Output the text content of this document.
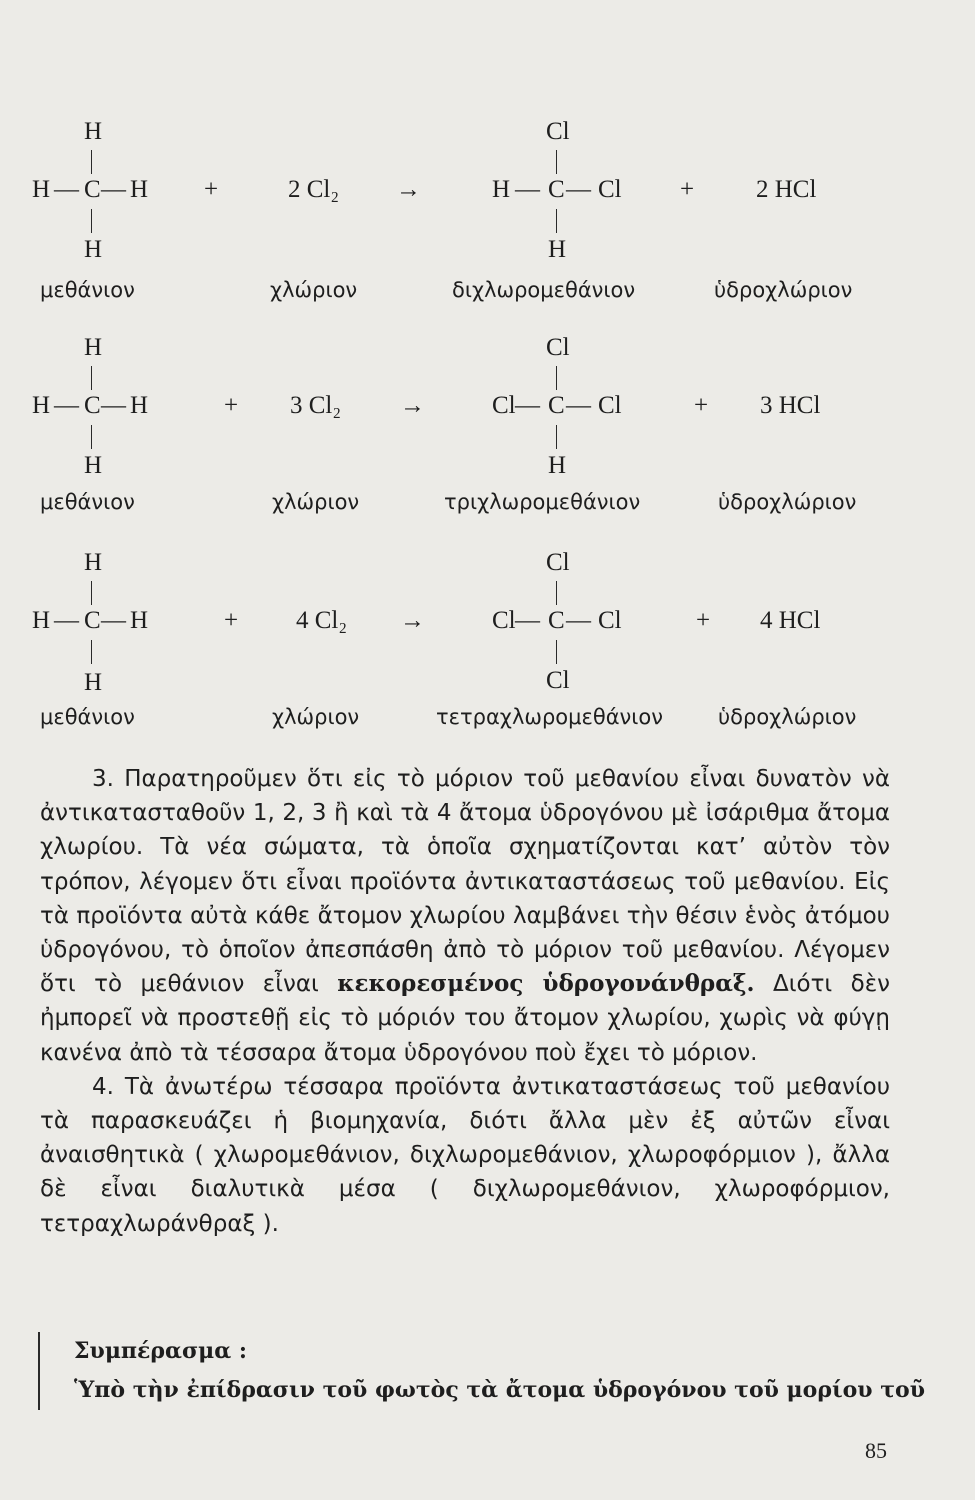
H
H — C — H
H
+	2 Cl₂ →
Cl
H — C — Cl
H
+ 2 HCl
μεθάνιον	χλώριον	διχλωρομεθάνιον	ὑδροχλώριον
H
H — C — H
H
+ 3 Cl₂ →
Cl
Cl — C — Cl
H
+ 3 HCl
μεθάνιον	χλώριον	τριχλωρομεθάνιον	ὑδροχλώριον
H
H — C — H
H
+ 4 Cl₂ →
Cl
Cl — C — Cl
Cl
+ 4 HCl
μεθάνιον	χλώριον	τετραχλωρομεθάνιον	ὑδροχλώριον

3. Παρατηροῦμεν ὅτι εἰς τὸ μόριον τοῦ μεθανίου εἶναι δυνατὸν νὰ ἀντικατασταθοῦν 1, 2, 3 ἢ καὶ τὰ 4 ἄτομα ὑδρογόνου μὲ ἰσάριθμα ἄτομα χλωρίου. Τὰ νέα σώματα, τὰ ὁποῖα σχηματίζονται κατ’ αὐτὸν τὸν τρόπον, λέγομεν ὅτι εἶναι προϊόντα ἀντικαταστάσεως τοῦ μεθανίου. Εἰς τὰ προϊόντα αὐτὰ κάθε ἄτομον χλωρίου λαμβάνει τὴν θέσιν ἑνὸς ἀτόμου ὑδρογόνου, τὸ ὁποῖον ἀπεσπάσθη ἀπὸ τὸ μόριον τοῦ μεθανίου. Λέγομεν ὅτι τὸ μεθάνιον εἶναι κεκορεσμένος ὑδρογονάνθραξ. Διότι δὲν ἠμπορεῖ νὰ προστεθῇ εἰς τὸ μόριόν του ἄτομον χλωρίου, χωρὶς νὰ φύγῃ κανένα ἀπὸ τὰ τέσσαρα ἄτομα ὑδρογόνου ποὺ ἔχει τὸ μόριον.

4. Τὰ ἀνωτέρω τέσσαρα προϊόντα ἀντικαταστάσεως τοῦ μεθανίου τὰ παρασκευάζει ἡ βιομηχανία, διότι ἄλλα μὲν ἐξ αὐτῶν εἶναι ἀναισθητικὰ ( χλωρομεθάνιον, διχλωρομεθάνιον, χλωροφόρμιον ), ἄλλα δὲ εἶναι διαλυτικὰ μέσα ( διχλωρομεθάνιον, χλωροφόρμιον, τετραχλωράνθραξ ).

Συμπέρασμα :
Ὑπὸ τὴν ἐπίδρασιν τοῦ φωτὸς τὰ ἄτομα ὑδρογόνου τοῦ μορίου τοῦ
85
